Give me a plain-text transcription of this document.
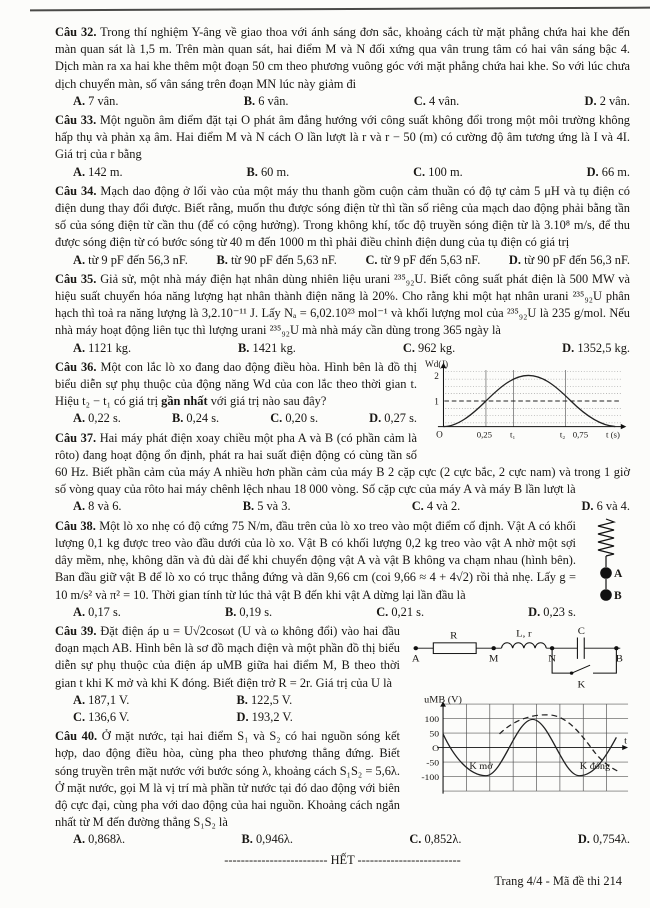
Câu 32. Trong thí nghiệm Y-âng về giao thoa với ánh sáng đơn sắc, khoảng cách từ mặt phẳng chứa hai khe đến màn quan sát là 1,5 m. Trên màn quan sát, hai điểm M và N đối xứng qua vân trung tâm có hai vân sáng bậc 4. Dịch màn ra xa hai khe thêm một đoạn 50 cm theo phương vuông góc với mặt phẳng chứa hai khe. So với lúc chưa dịch chuyển màn, số vân sáng trên đoạn MN lúc này giảm đi

A. 7 vân.	B. 6 vân.	C. 4 vân.	D. 2 vân.

Câu 33. Một nguồn âm điểm đặt tại O phát âm đẳng hướng với công suất không đổi trong một môi trường không hấp thụ và phản xạ âm. Hai điểm M và N cách O lần lượt là r và r − 50 (m) có cường độ âm tương ứng là I và 4I. Giá trị của r bằng

A. 142 m.	B. 60 m.	C. 100 m.	D. 66 m.

Câu 34. Mạch dao động ở lối vào của một máy thu thanh gồm cuộn cảm thuần có độ tự cảm 5 μH và tụ điện có điện dung thay đổi được. Biết rằng, muốn thu được sóng điện từ thì tần số riêng của mạch dao động phải bằng tần số của sóng điện từ cần thu (để có cộng hưởng). Trong không khí, tốc độ truyền sóng điện từ là 3.10⁸ m/s, để thu được sóng điện từ có bước sóng từ 40 m đến 1000 m thì phải điều chỉnh điện dung của tụ điện có giá trị

A. từ 9 pF đến 56,3 nF. B. từ 90 pF đến 5,63 nF. C. từ 9 pF đến 5,63 nF. D. từ 90 pF đến 56,3 nF.

Câu 35. Giả sử, một nhà máy điện hạt nhân dùng nhiên liệu urani ²³⁵₉₂U. Biết công suất phát điện là 500 MW và hiệu suất chuyển hóa năng lượng hạt nhân thành điện năng là 20%. Cho rằng khi một hạt nhân urani ²³⁵₉₂U phân hạch thì toả ra năng lượng là 3,2.10⁻¹¹ J. Lấy Nₐ = 6,02.10²³ mol⁻¹ và khối lượng mol của ²³⁵₉₂U là 235 g/mol. Nếu nhà máy hoạt động liên tục thì lượng urani ²³⁵₉₂U mà nhà máy cần dùng trong 365 ngày là

A. 1121 kg.	B. 1421 kg.	C. 962 kg.	D. 1352,5 kg.
Wd(J)
2
1
O	0,25 t₁	t₂ 0,75 t (s)

Câu 36. Một con lắc lò xo đang dao động điều hòa. Hình bên là đồ thị biểu diễn sự phụ thuộc của động năng Wd của con lắc theo thời gian t. Hiệu t₂ − t₁ có giá trị gần nhất với giá trị nào sau đây?

A. 0,22 s.	B. 0,24 s.	C. 0,20 s.	D. 0,27 s.

Câu 37. Hai máy phát điện xoay chiều một pha A và B (có phần cảm là rôto) đang hoạt động ổn định, phát ra hai suất điện động có cùng tần số 60 Hz. Biết phần cảm của máy A nhiều hơn phần cảm của máy B 2 cặp cực (2 cực bắc, 2 cực nam) và trong 1 giờ số vòng quay của rôto hai máy chênh lệch nhau 18 000 vòng. Số cặp cực của máy A và máy B lần lượt là

A. 8 và 6.	B. 5 và 3.	C. 4 và 2.	D. 6 và 4.
A
B

Câu 38. Một lò xo nhẹ có độ cứng 75 N/m, đầu trên của lò xo treo vào một điểm cố định. Vật A có khối lượng 0,1 kg được treo vào đầu dưới của lò xo. Vật B có khối lượng 0,2 kg treo vào vật A nhờ một sợi dây mềm, nhẹ, không dãn và đủ dài để khi chuyển động vật A và vật B không va chạm nhau (hình bên). Ban đầu giữ vật B để lò xo có trục thẳng đứng và dãn 9,66 cm (coi 9,66 ≈ 4 + 4√2) rồi thả nhẹ. Lấy g = 10 m/s² và π² = 10. Thời gian tính từ lúc thả vật B đến khi vật A dừng lại lần đầu là

A. 0,17 s.	B. 0,19 s.	C. 0,21 s.	D. 0,23 s.
R	L, r	C
K
A	M	N	B
uMB (V)
100
50
O
-50
-100
K mở	K đóng
t

Câu 39. Đặt điện áp u = U√2cosωt (U và ω không đổi) vào hai đầu đoạn mạch AB. Hình bên là sơ đồ mạch điện và một phần đồ thị biểu diễn sự phụ thuộc của điện áp uMB giữa hai điểm M, B theo thời gian t khi K mở và khi K đóng. Biết điện trở R = 2r. Giá trị của U là

A. 187,1 V.	B. 122,5 V.
C. 136,6 V.	D. 193,2 V.

Câu 40. Ở mặt nước, tại hai điểm S₁ và S₂ có hai nguồn sóng kết hợp, dao động điều hòa, cùng pha theo phương thẳng đứng. Biết sóng truyền trên mặt nước với bước sóng λ, khoảng cách S₁S₂ = 5,6λ. Ở mặt nước, gọi M là vị trí mà phần tử nước tại đó dao động với biên độ cực đại, cùng pha với dao động của hai nguồn. Khoảng cách ngắn nhất từ M đến đường thẳng S₁S₂ là

A. 0,868λ.	B. 0,946λ.	C. 0,852λ.	D. 0,754λ.
------------------------- HẾT -------------------------
Trang 4/4 - Mã đề thi 214
